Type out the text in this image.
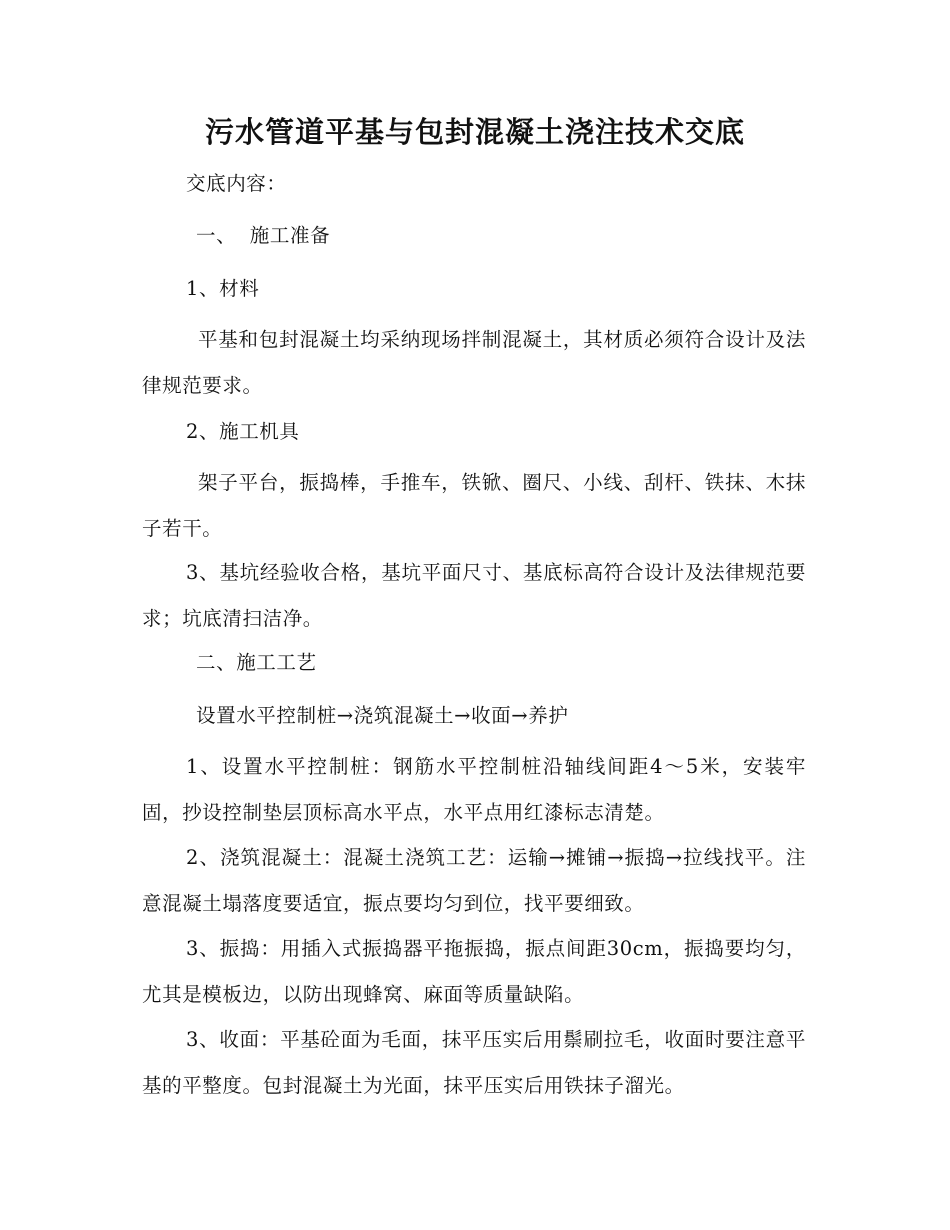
污水管道平基与包封混凝土浇注技术交底
交底内容：
一、  施工准备
1、材料
平基和包封混凝土均采纳现场拌制混凝土，其材质必须符合设计及法律规范要求。
2、施工机具
架子平台，振捣棒，手推车，铁锨、圈尺、小线、刮杆、铁抹、木抹子若干。
3、基坑经验收合格，基坑平面尺寸、基底标高符合设计及法律规范要求；坑底清扫洁净。
二、施工工艺
设置水平控制桩→浇筑混凝土→收面→养护
1、设置水平控制桩：钢筋水平控制桩沿轴线间距4～5米，安装牢固，抄设控制垫层顶标高水平点，水平点用红漆标志清楚。
2、浇筑混凝土：混凝土浇筑工艺：运输→摊铺→振捣→拉线找平。注意混凝土塌落度要适宜，振点要均匀到位，找平要细致。
3、振捣：用插入式振捣器平拖振捣，振点间距30cm，振捣要均匀，尤其是模板边，以防出现蜂窝、麻面等质量缺陷。
3、收面：平基砼面为毛面，抹平压实后用鬃刷拉毛，收面时要注意平基的平整度。包封混凝土为光面，抹平压实后用铁抹子溜光。
